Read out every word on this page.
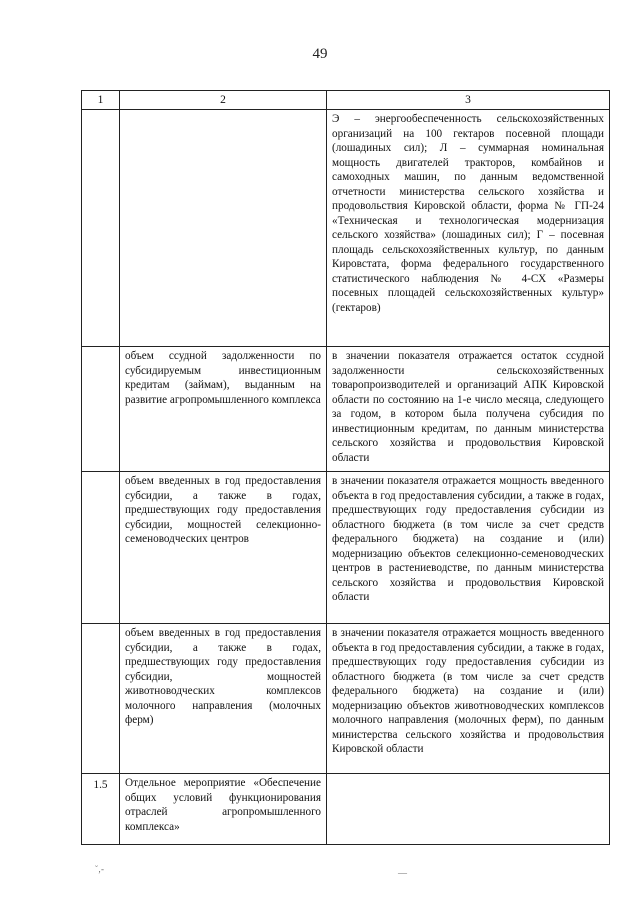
49
1	2	3
		Э – энергообеспеченность сельскохозяйственных организаций на 100 гектаров посевной площади (лошадиных сил); Л – суммарная номинальная мощность двигателей тракторов, комбайнов и самоходных машин, по данным ведомственной отчетности министерства сельского хозяйства и продовольствия Кировской области, форма № ГП-24 «Техническая и технологическая модернизация сельского хозяйства» (лошадиных сил); Г – посевная площадь сельскохозяйственных культур, по данным Кировстата, форма федерального государственного статистического наблюдения № 4-СХ «Размеры посевных площадей сельскохозяйственных культур» (гектаров)
	объем ссудной задолженности по субсидируемым инвестиционным кредитам (займам), выданным на развитие агропромышленного комплекса	в значении показателя отражается остаток ссудной задолженности сельскохозяйственных товаропроизводителей и организаций АПК Кировской области по состоянию на 1-е число месяца, следующего за годом, в котором была получена субсидия по инвестиционным кредитам, по данным министерства сельского хозяйства и продовольствия Кировской области
	объем введенных в год предоставления субсидии, а также в годах, предшествующих году предоставления субсидии, мощностей селекционно-семеноводческих центров	в значении показателя отражается мощность введенного объекта в год предоставления субсидии, а также в годах, предшествующих году предоставления субсидии из областного бюджета (в том числе за счет средств федерального бюджета) на создание и (или) модернизацию объектов селекционно-семеноводческих центров в растениеводстве, по данным министерства сельского хозяйства и продовольствия Кировской области
	объем введенных в год предоставления субсидии, а также в годах, предшествующих году предоставления субсидии, мощностей животноводческих комплексов молочного направления (молочных ферм)	в значении показателя отражается мощность введенного объекта в год предоставления субсидии, а также в годах, предшествующих году предоставления субсидии из областного бюджета (в том числе за счет средств федерального бюджета) на создание и (или) модернизацию объектов животноводческих комплексов молочного направления (молочных ферм), по данным министерства сельского хозяйства и продовольствия Кировской области
1.5	Отдельное мероприятие «Обеспечение общих условий функционирования отраслей агропромышленного комплекса»	
˘‚-	—
